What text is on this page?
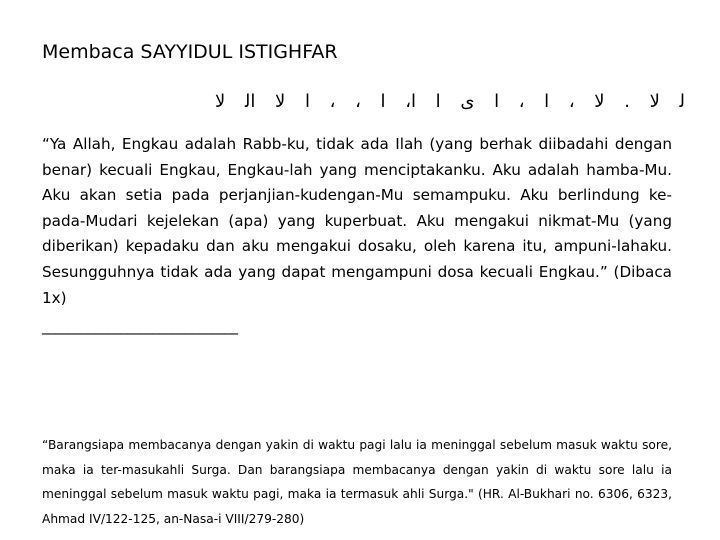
Membaca SAYYIDUL ISTIGHFAR
ﻟ ﻻ . ﻻ ، ﺍ ، ﺍ ﻯ ﺍ ﺍ، ﺍ ، ، ﺍ ﻻ ﺍﻟ ﻻ
“Ya Allah, Engkau adalah Rabb-ku, tidak ada Ilah (yang berhak diibadahi dengan benar) kecuali Engkau, Engkau-lah yang menciptakanku. Aku adalah hamba-Mu. Aku akan setia pada perjanjian-kudengan-Mu semampuku. Aku berlindung ke-pada-Mudari kejelekan (apa) yang kuperbuat. Aku mengakui nikmat-Mu (yang diberikan) kepadaku dan aku mengakui dosaku, oleh karena itu, ampuni-lahaku. Sesungguhnya tidak ada yang dapat mengampuni dosa kecuali Engkau.” (Dibaca 1x)
______________________________
“Barangsiapa membacanya dengan yakin di waktu pagi lalu ia meninggal sebelum masuk waktu sore, maka ia ter-masukahli Surga. Dan barangsiapa membacanya dengan yakin di waktu sore lalu ia meninggal sebelum masuk waktu pagi, maka ia termasuk ahli Surga." (HR. Al-Bukhari no. 6306, 6323, Ahmad IV/122-125, an-Nasa-i VIII/279-280)
